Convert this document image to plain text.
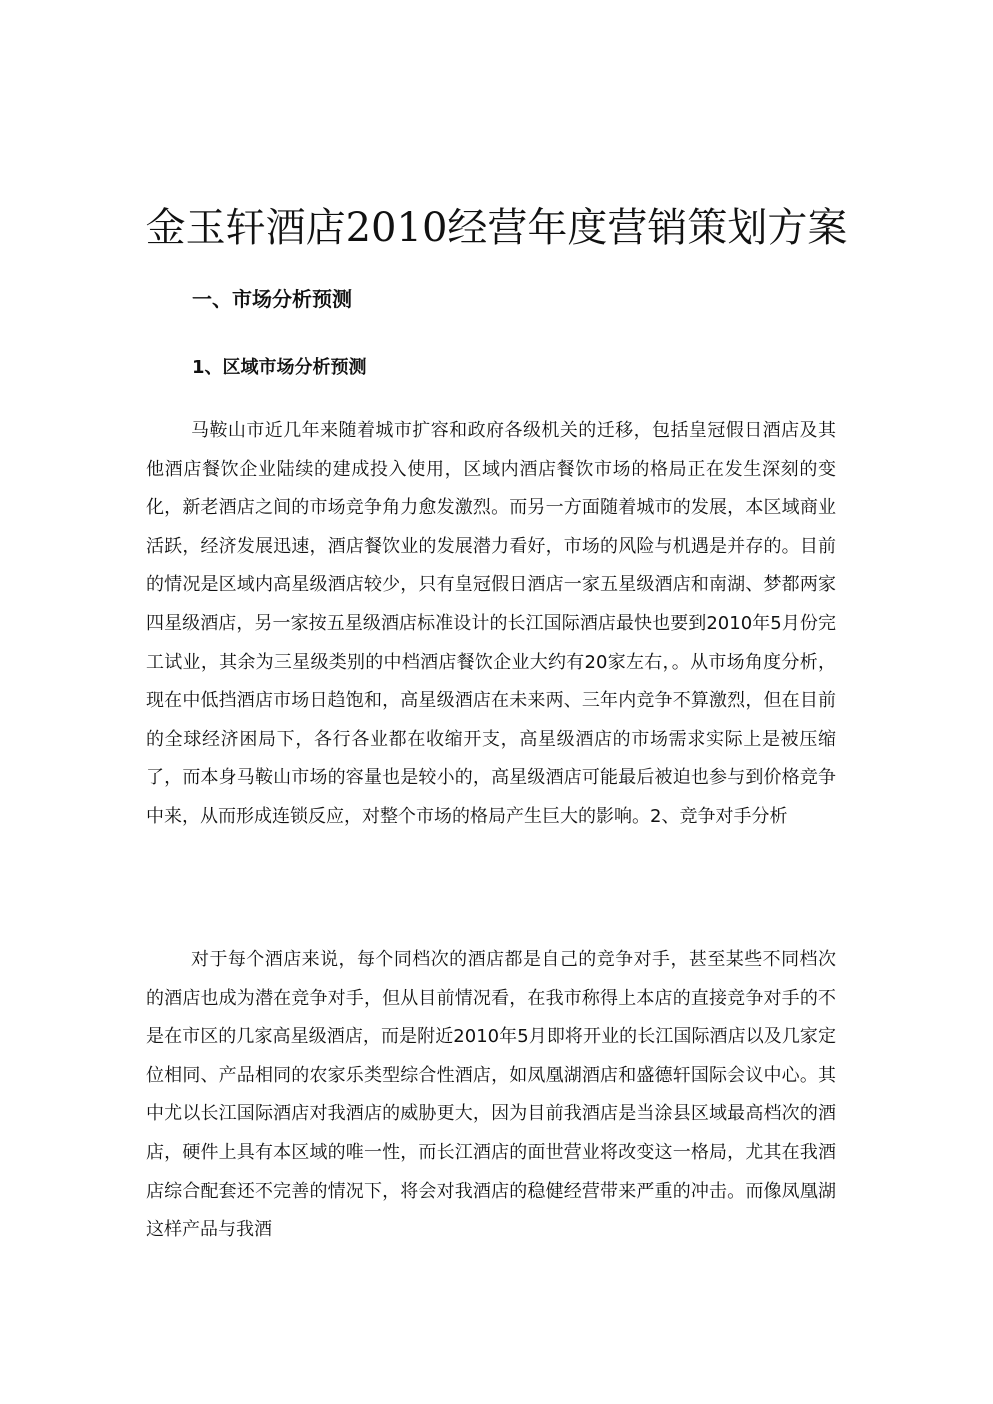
金玉轩酒店2010经营年度营销策划方案
一、市场分析预测
1、区域市场分析预测

马鞍山市近几年来随着城市扩容和政府各级机关的迁移，包括皇冠假日酒店及其他酒店餐饮企业陆续的建成投入使用，区域内酒店餐饮市场的格局正在发生深刻的变化，新老酒店之间的市场竞争角力愈发激烈。而另一方面随着城市的发展，本区域商业活跃，经济发展迅速，酒店餐饮业的发展潜力看好，市场的风险与机遇是并存的。目前的情况是区域内高星级酒店较少，只有皇冠假日酒店一家五星级酒店和南湖、梦都两家四星级酒店，另一家按五星级酒店标准设计的长江国际酒店最快也要到2010年5月份完工试业，其余为三星级类别的中档酒店餐饮企业大约有20家左右，。从市场角度分析，现在中低挡酒店市场日趋饱和，高星级酒店在未来两、三年内竞争不算激烈，但在目前的全球经济困局下，各行各业都在收缩开支，高星级酒店的市场需求实际上是被压缩了，而本身马鞍山市场的容量也是较小的，高星级酒店可能最后被迫也参与到价格竞争中来，从而形成连锁反应，对整个市场的格局产生巨大的影响。2、竞争对手分析

对于每个酒店来说，每个同档次的酒店都是自己的竞争对手，甚至某些不同档次的酒店也成为潜在竞争对手，但从目前情况看，在我市称得上本店的直接竞争对手的不是在市区的几家高星级酒店，而是附近2010年5月即将开业的长江国际酒店以及几家定位相同、产品相同的农家乐类型综合性酒店，如凤凰湖酒店和盛德轩国际会议中心。其中尤以长江国际酒店对我酒店的威胁更大，因为目前我酒店是当涂县区域最高档次的酒店，硬件上具有本区域的唯一性，而长江酒店的面世营业将改变这一格局，尤其在我酒店综合配套还不完善的情况下，将会对我酒店的稳健经营带来严重的冲击。而像凤凰湖这样产品与我酒
